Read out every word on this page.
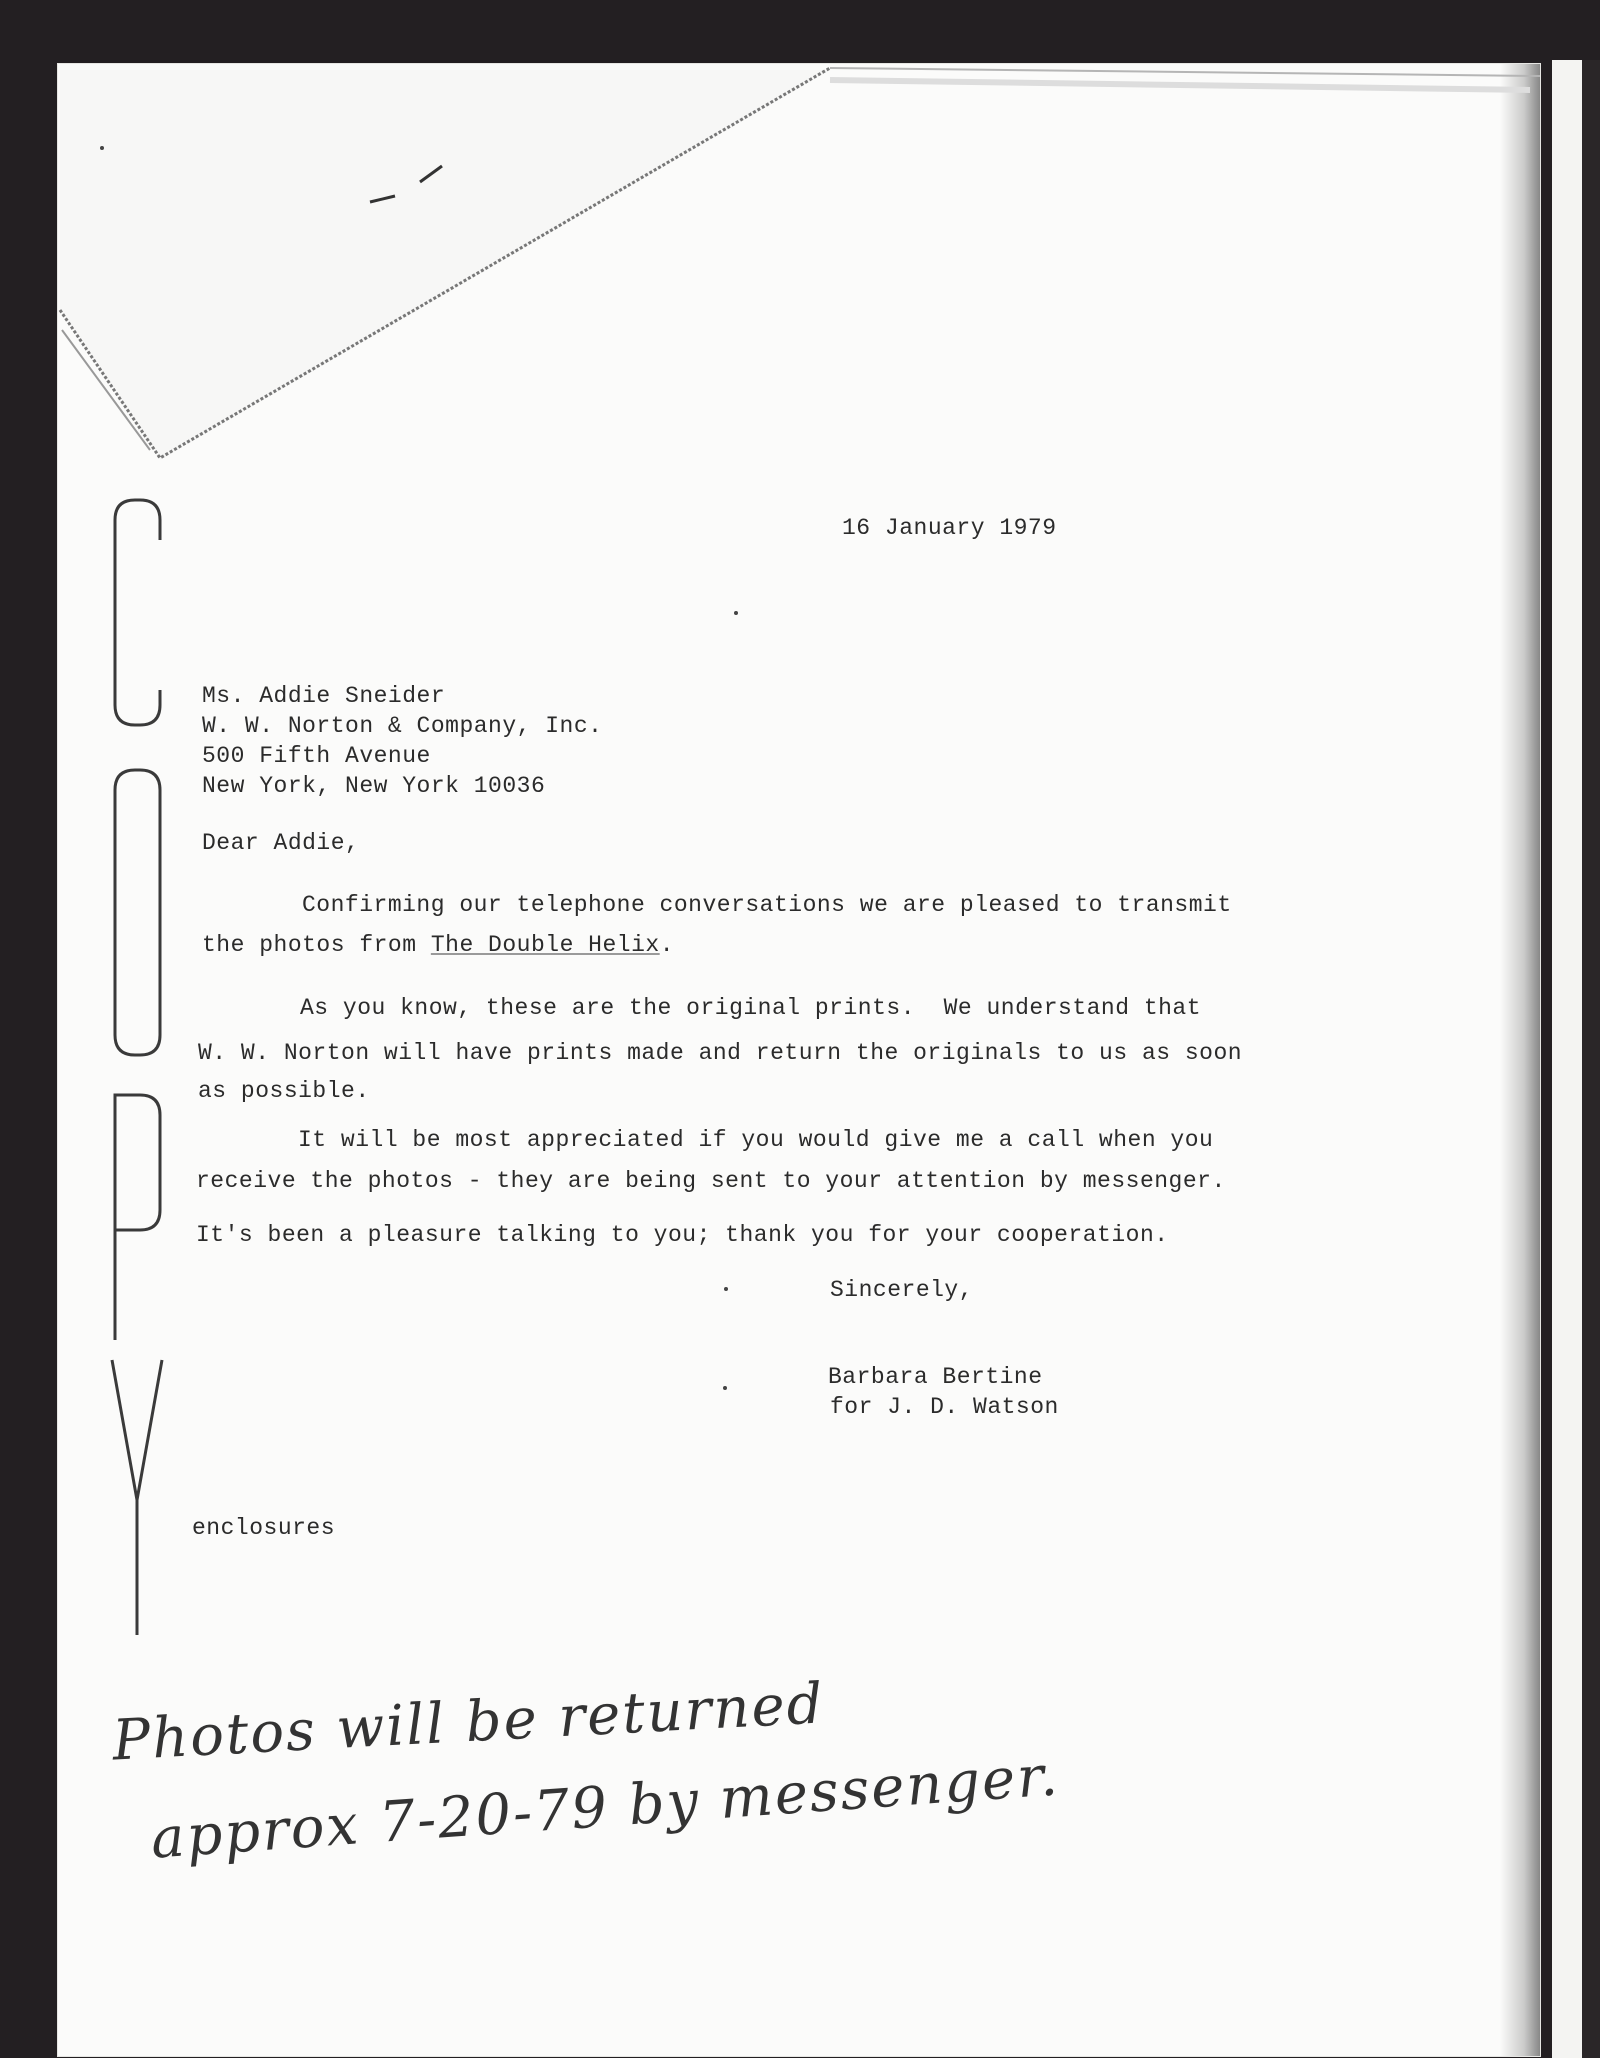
16 January 1979

Ms. Addie Sneider

W. W. Norton & Company, Inc.

500 Fifth Avenue

New York, New York 10036

Dear Addie,

Confirming our telephone conversations we are pleased to transmit

the photos from The Double Helix.

As you know, these are the original prints.  We understand that

W. W. Norton will have prints made and return the originals to us as soon

as possible.

It will be most appreciated if you would give me a call when you

receive the photos - they are being sent to your attention by messenger.

It's been a pleasure talking to you; thank you for your cooperation.

Sincerely,

Barbara Bertine

for J. D. Watson

enclosures

Photos will be returned

approx 7-20-79 by messenger.
